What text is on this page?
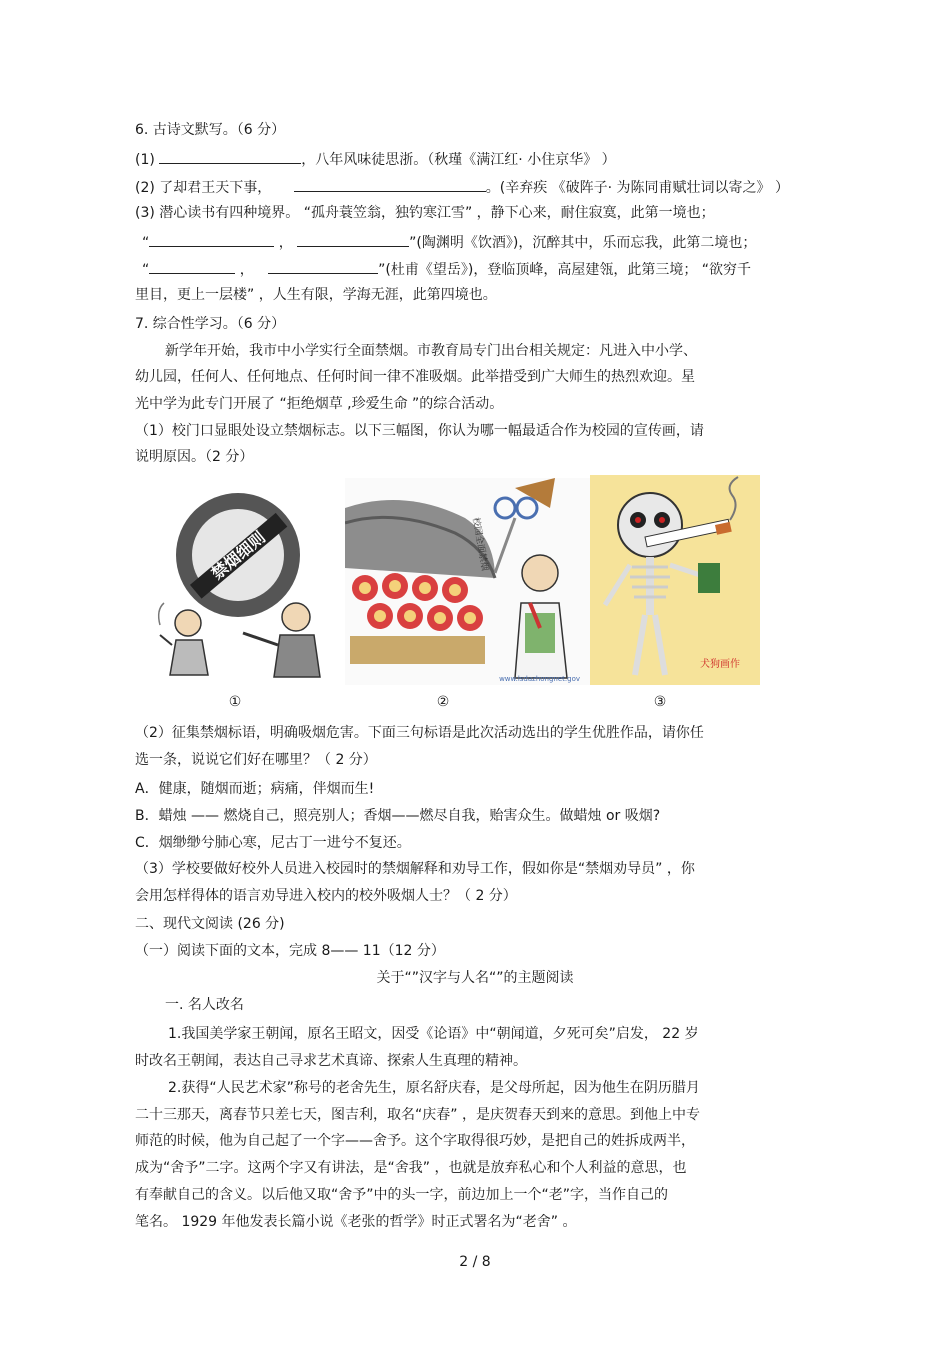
6. 古诗文默写。（6 分）
(1)	，八年风味徒思浙。（秋瑾《满江红· 小住京华》 ）
(2) 了却君王天下事，	。(辛弃疾 《破阵子· 为陈同甫赋壮词以寄之》 ）
(3) 潜心读书有四种境界。 “孤舟蓑笠翁，独钓寒江雪” ，静下心来，耐住寂寞，此第一境也；
“	，	”(陶渊明《饮酒》)，沉醉其中，乐而忘我，此第二境也；
“	，	”(杜甫《望岳》)，登临顶峰，高屋建瓴，此第三境； “欲穷千
里目，更上一层楼” ，人生有限，学海无涯，此第四境也。
7. 综合性学习。（6 分）
新学年开始，我市中小学实行全面禁烟。市教育局专门出台相关规定：凡进入中小学、
幼儿园，任何人、任何地点、任何时间一律不准吸烟。此举措受到广大师生的热烈欢迎。星
光中学为此专门开展了 “拒绝烟草 ,珍爱生命 ”的综合活动。
（1）校门口显眼处设立禁烟标志。以下三幅图，你认为哪一幅最适合作为校园的宣传画，请
说明原因。（2 分）
禁烟细则	校园全面禁烟
www.lsdazhongnet.gov
犬狗画作
①	②	③
（2）征集禁烟标语，明确吸烟危害。下面三句标语是此次活动选出的学生优胜作品，请你任
选一条，说说它们好在哪里？（ 2 分）
A．健康，随烟而逝；病痛，伴烟而生!
B．蜡烛 —— 燃烧自己，照亮别人；香烟——燃尽自我，贻害众生。做蜡烛 or 吸烟?
C．烟缈缈兮肺心寒，尼古丁一进兮不复还。
（3）学校要做好校外人员进入校园时的禁烟解释和劝导工作，假如你是“禁烟劝导员” ，你
会用怎样得体的语言劝导进入校内的校外吸烟人士？（ 2 分）
二、现代文阅读 (26 分)
（一）阅读下面的文本，完成 8—— 11（12 分）
关于“”汉字与人名“”的主题阅读
一. 名人改名
1.我国美学家王朝闻，原名王昭文，因受《论语》中“朝闻道，夕死可矣”启发， 22 岁
时改名王朝闻，表达自己寻求艺术真谛、探索人生真理的精神。
2.获得“人民艺术家”称号的老舍先生，原名舒庆春，是父母所起，因为他生在阴历腊月
二十三那天，离春节只差七天，图吉利，取名“庆春” ，是庆贺春天到来的意思。到他上中专
师范的时候，他为自己起了一个字——舍予。这个字取得很巧妙，是把自己的姓拆成两半，
成为“舍予”二字。这两个字又有讲法，是“舍我” ，也就是放弃私心和个人利益的意思，也
有奉献自己的含义。以后他又取“舍予”中的头一字，前边加上一个“老”字，当作自己的
笔名。 1929 年他发表长篇小说《老张的哲学》时正式署名为“老舍” 。
2 / 8
